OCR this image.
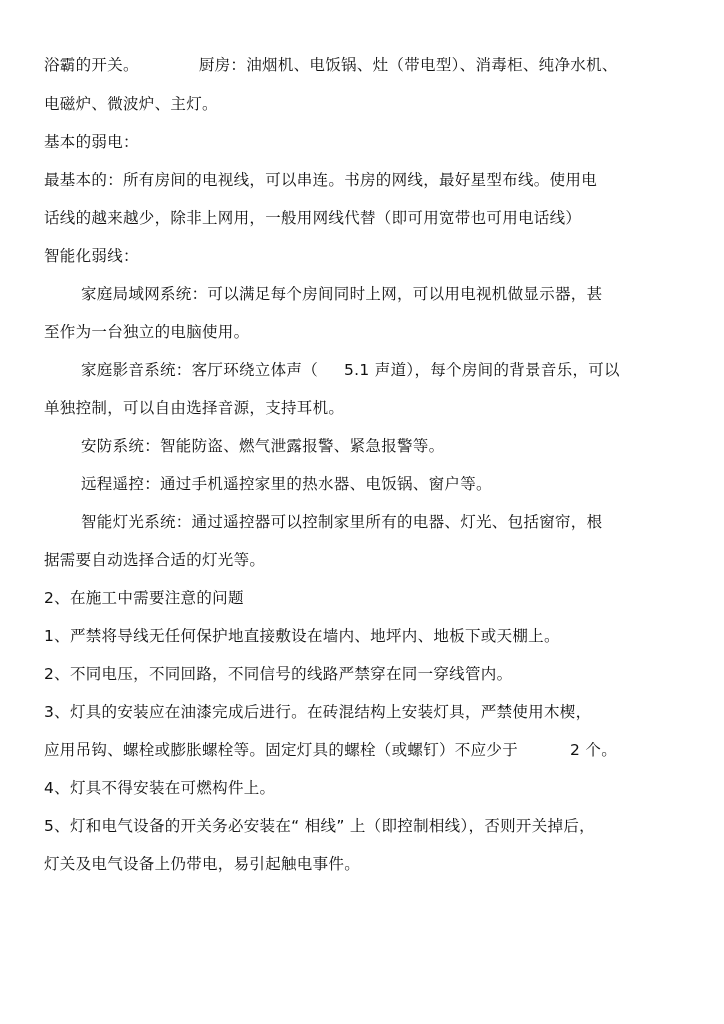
浴霸的开关。	厨房：油烟机、电饭锅、灶（带电型）、消毒柜、纯净水机、
电磁炉、微波炉、主灯。
基本的弱电：
最基本的：所有房间的电视线，可以串连。书房的网线，最好星型布线。使用电
话线的越来越少，除非上网用，一般用网线代替（即可用宽带也可用电话线）
智能化弱线：
家庭局域网系统：可以满足每个房间同时上网，可以用电视机做显示器，甚
至作为一台独立的电脑使用。
家庭影音系统：客厅环绕立体声（ 5.1 声道），每个房间的背景音乐，可以
单独控制，可以自由选择音源，支持耳机。
安防系统：智能防盗、燃气泄露报警、紧急报警等。
远程遥控：通过手机遥控家里的热水器、电饭锅、窗户等。
智能灯光系统：通过遥控器可以控制家里所有的电器、灯光、包括窗帘，根
据需要自动选择合适的灯光等。
2、在施工中需要注意的问题
1、严禁将导线无任何保护地直接敷设在墙内、地坪内、地板下或天棚上。
2、不同电压，不同回路，不同信号的线路严禁穿在同一穿线管内。
3、灯具的安装应在油漆完成后进行。在砖混结构上安装灯具，严禁使用木楔，
应用吊钩、螺栓或膨胀螺栓等。固定灯具的螺栓（或螺钉）不应少于	2 个。
4、灯具不得安装在可燃构件上。
5、灯和电气设备的开关务必安装在“ 相线” 上（即控制相线），否则开关掉后，
灯关及电气设备上仍带电，易引起触电事件。
